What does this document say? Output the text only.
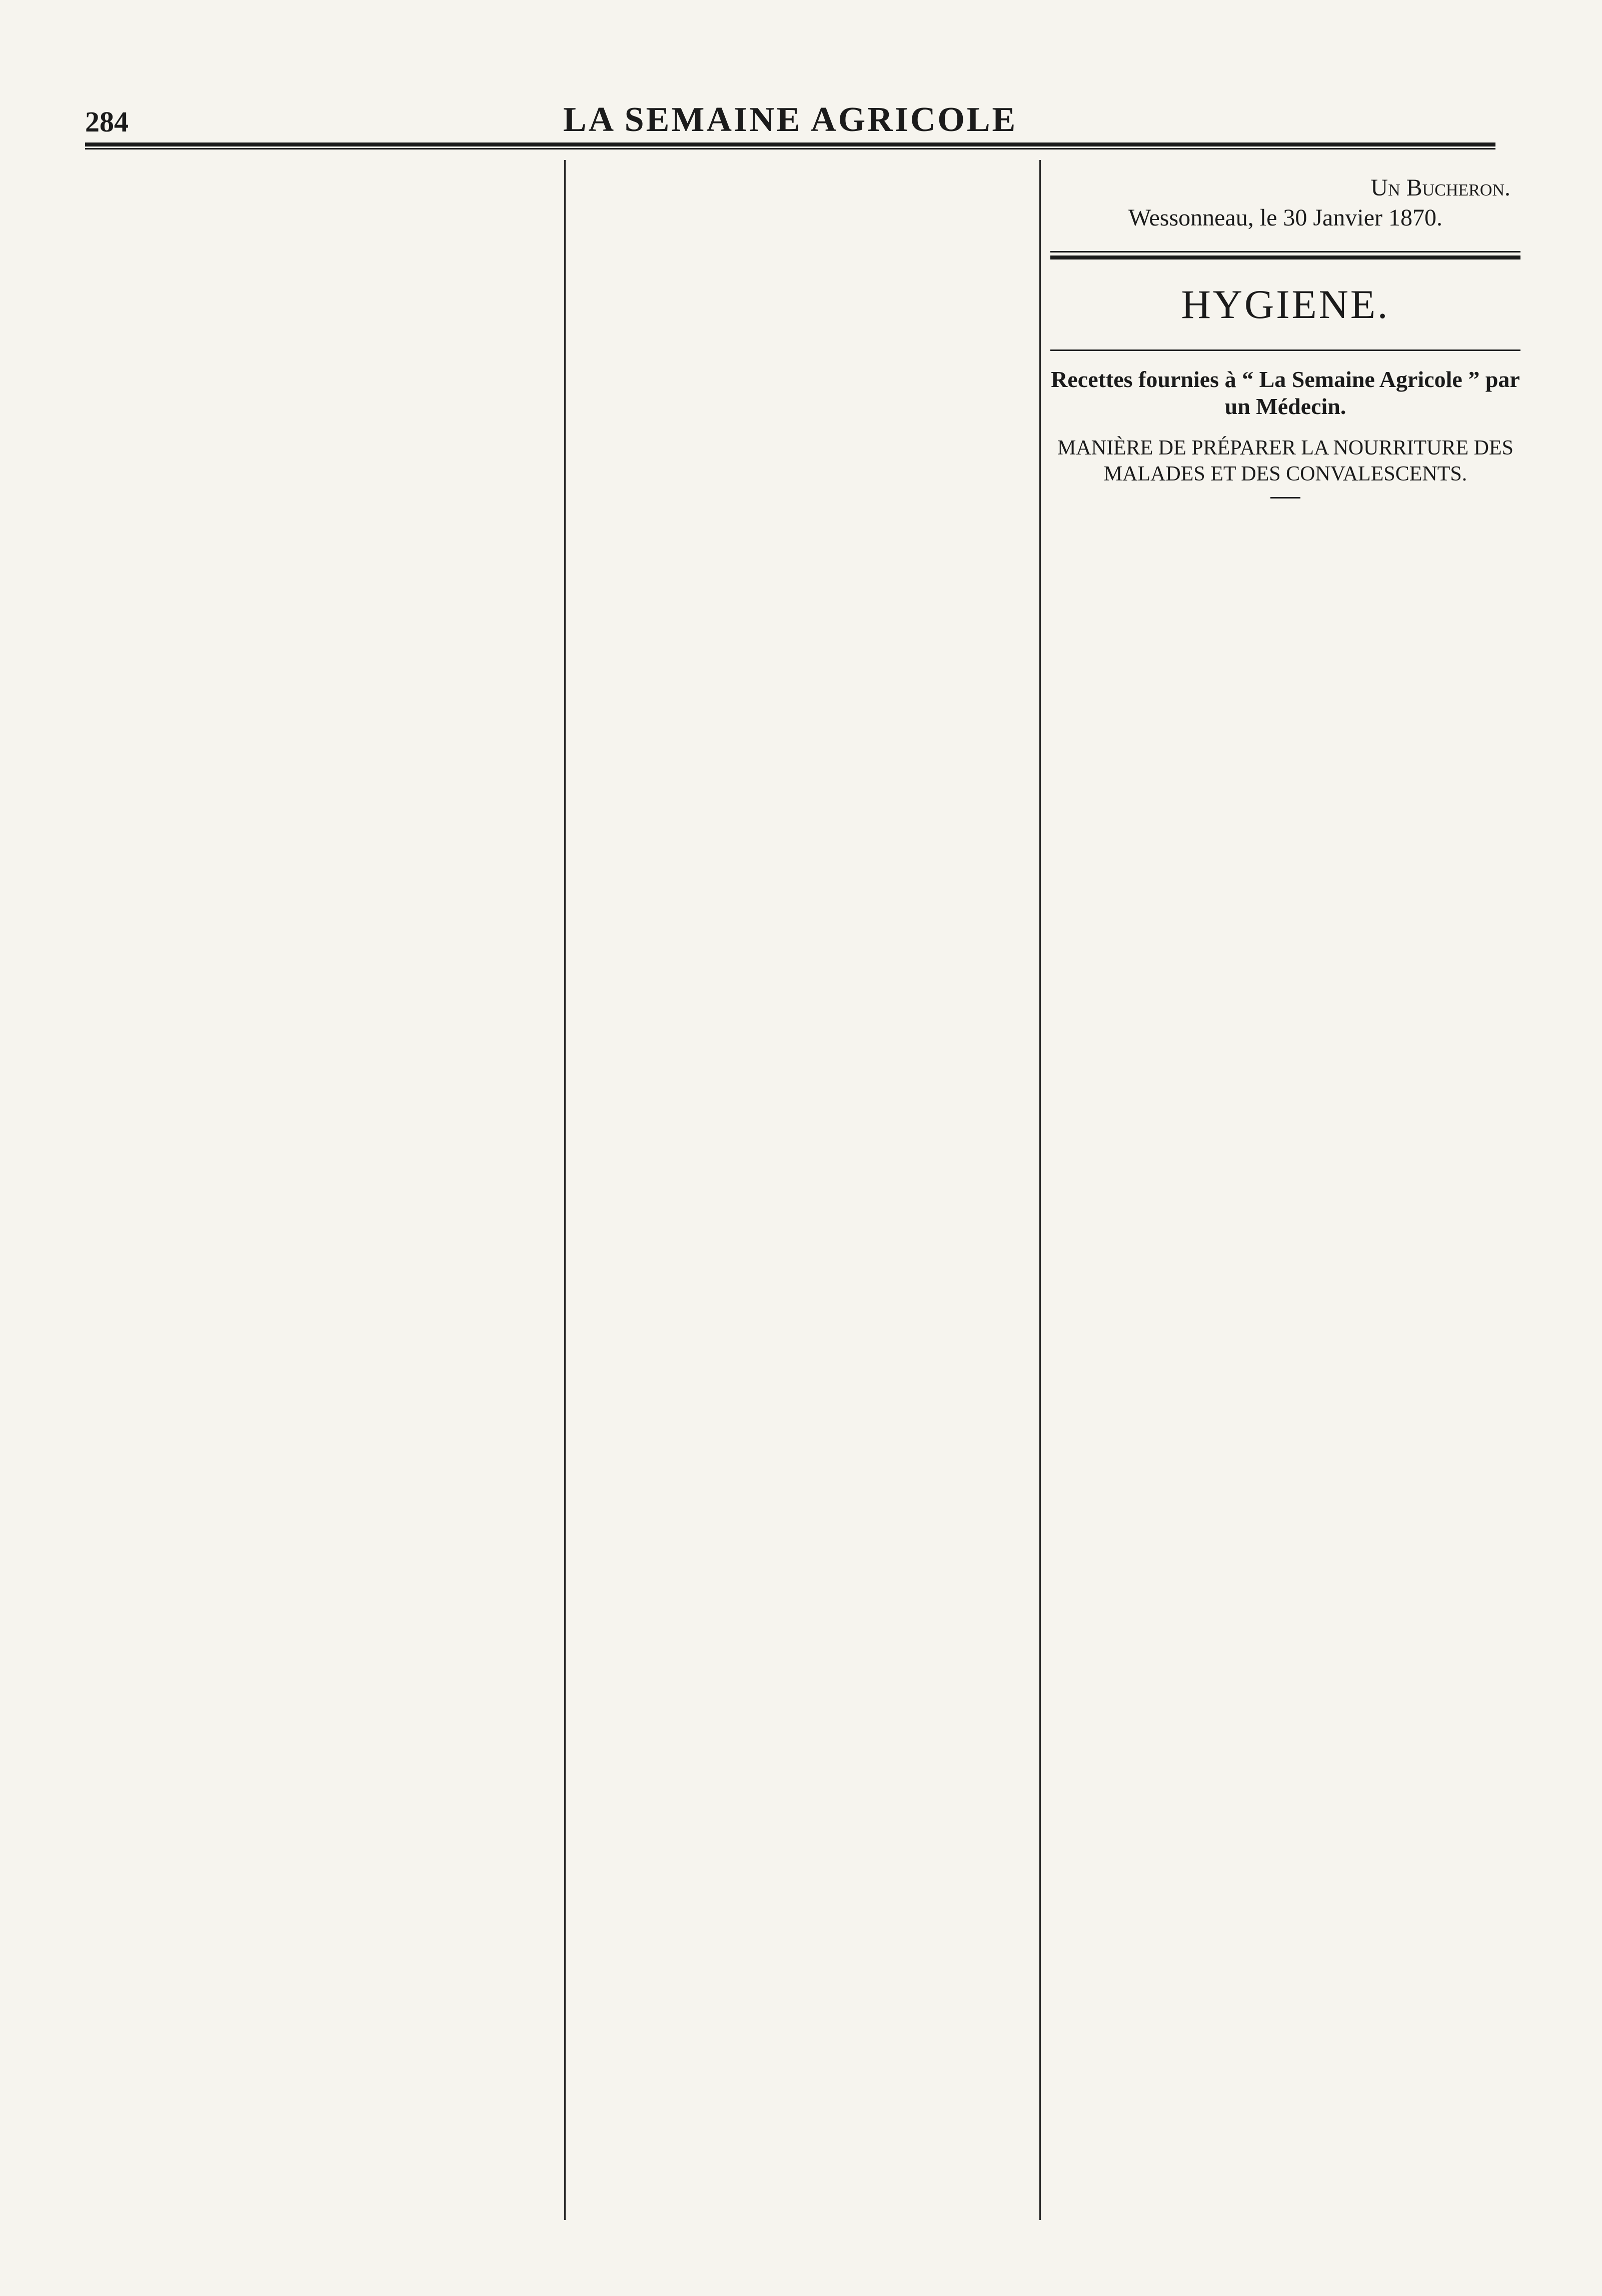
284	LA SEMAINE AGRICOLE
Un Bucheron.
Wessonneau, le 30 Janvier 1870.
HYGIENE.
Recettes fournies à “ La Semaine Agricole ” par un Médecin.
MANIÈRE DE PRÉPARER LA NOURRITURE DES MALADES ET DES CONVALESCENTS.
